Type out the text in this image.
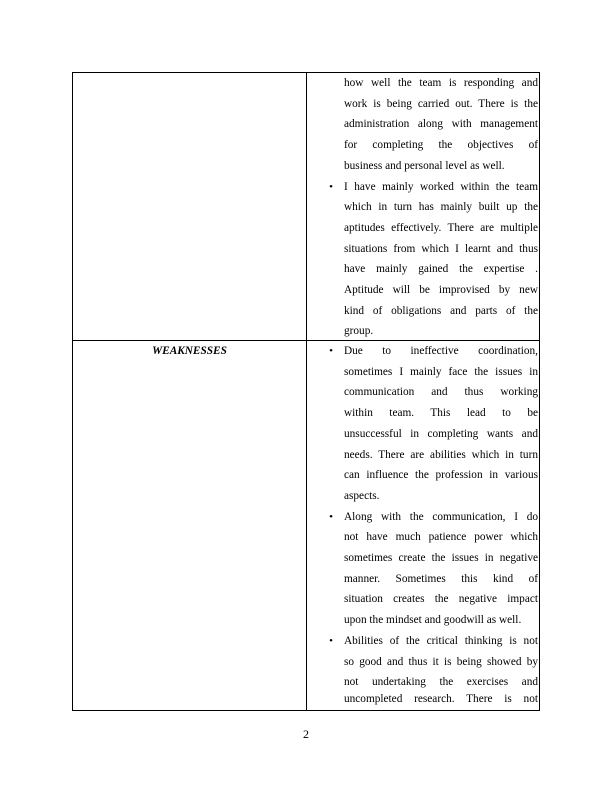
how well the team is responding and
work is being carried out. There is the
administration along with management
for completing the objectives of
business and personal level as well.
• I have mainly worked within the team
which in turn has mainly built up the
aptitudes effectively. There are multiple
situations from which I learnt and thus
have mainly gained the expertise .
Aptitude will be improvised by new
kind of obligations and parts of the
group.
WEAKNESSES	• Due to ineffective coordination,
sometimes I mainly face the issues in
communication and thus working
within team. This lead to be
unsuccessful in completing wants and
needs. There are abilities which in turn
can influence the profession in various
aspects.
• Along with the communication, I do
not have much patience power which
sometimes create the issues in negative
manner. Sometimes this kind of
situation creates the negative impact
upon the mindset and goodwill as well.
• Abilities of the critical thinking is not
so good and thus it is being showed by
not undertaking the exercises and
uncompleted research. There is not
2
